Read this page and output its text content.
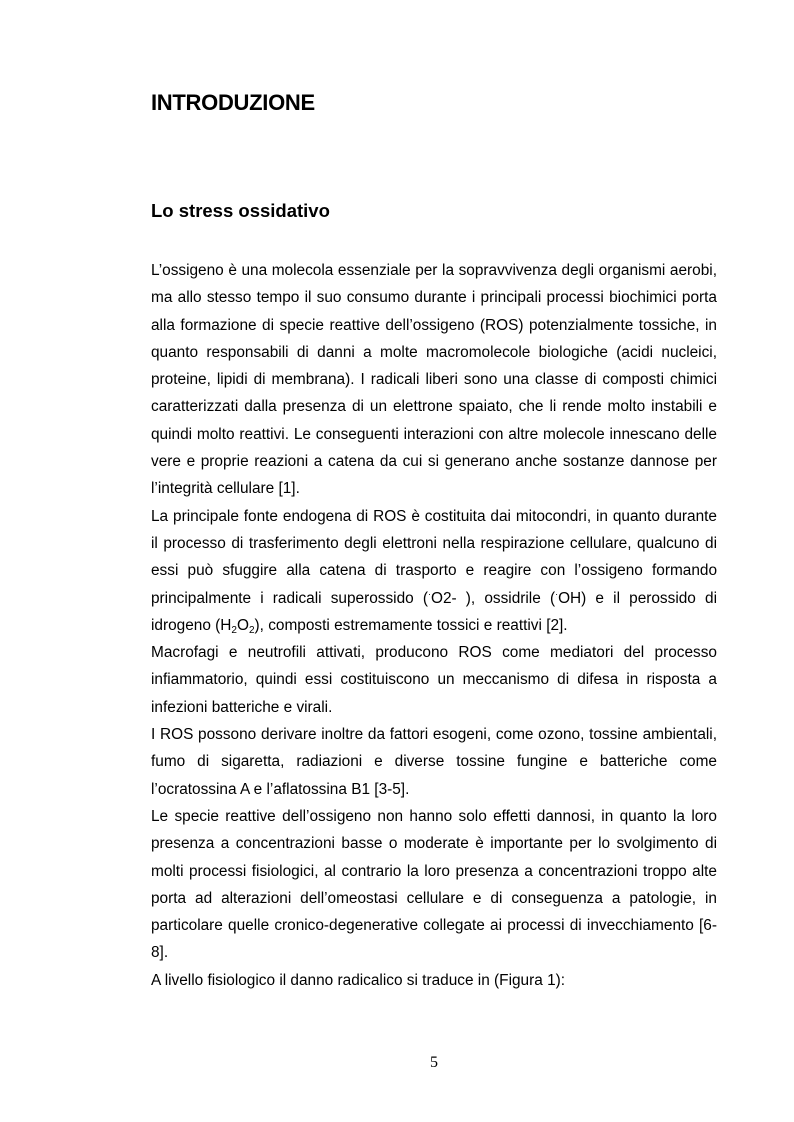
INTRODUZIONE
Lo stress ossidativo

L’ossigeno è una molecola essenziale per la sopravvivenza degli organismi aerobi, ma allo stesso tempo il suo consumo durante i principali processi biochimici porta alla formazione di specie reattive dell’ossigeno (ROS) potenzialmente tossiche, in quanto responsabili di danni a molte macromolecole biologiche (acidi nucleici, proteine, lipidi di membrana). I radicali liberi sono una classe di composti chimici caratterizzati dalla presenza di un elettrone spaiato, che li rende molto instabili e quindi molto reattivi. Le conseguenti interazioni con altre molecole innescano delle vere e proprie reazioni a catena da cui si generano anche sostanze dannose per l’integrità cellulare [1].

La principale fonte endogena di ROS è costituita dai mitocondri, in quanto durante il processo di trasferimento degli elettroni nella respirazione cellulare, qualcuno di essi può sfuggire alla catena di trasporto e reagire con l’ossigeno formando principalmente i radicali superossido (·O2- ), ossidrile (·OH) e il perossido di idrogeno $(H_2O_2)$, composti estremamente tossici e reattivi [2].

Macrofagi e neutrofili attivati, producono ROS come mediatori del processo infiammatorio, quindi essi costituiscono un meccanismo di difesa in risposta a infezioni batteriche e virali.

I ROS possono derivare inoltre da fattori esogeni, come ozono, tossine ambientali, fumo di sigaretta, radiazioni e diverse tossine fungine e batteriche come l’ocratossina A e l’aflatossina B1 [3-5].

Le specie reattive dell’ossigeno non hanno solo effetti dannosi, in quanto la loro presenza a concentrazioni basse o moderate è importante per lo svolgimento di molti processi fisiologici, al contrario la loro presenza a concentrazioni troppo alte porta ad alterazioni dell’omeostasi cellulare e di conseguenza a patologie, in particolare quelle cronico-degenerative collegate ai processi di invecchiamento [6-8].

A livello fisiologico il danno radicalico si traduce in (Figura 1):

5
